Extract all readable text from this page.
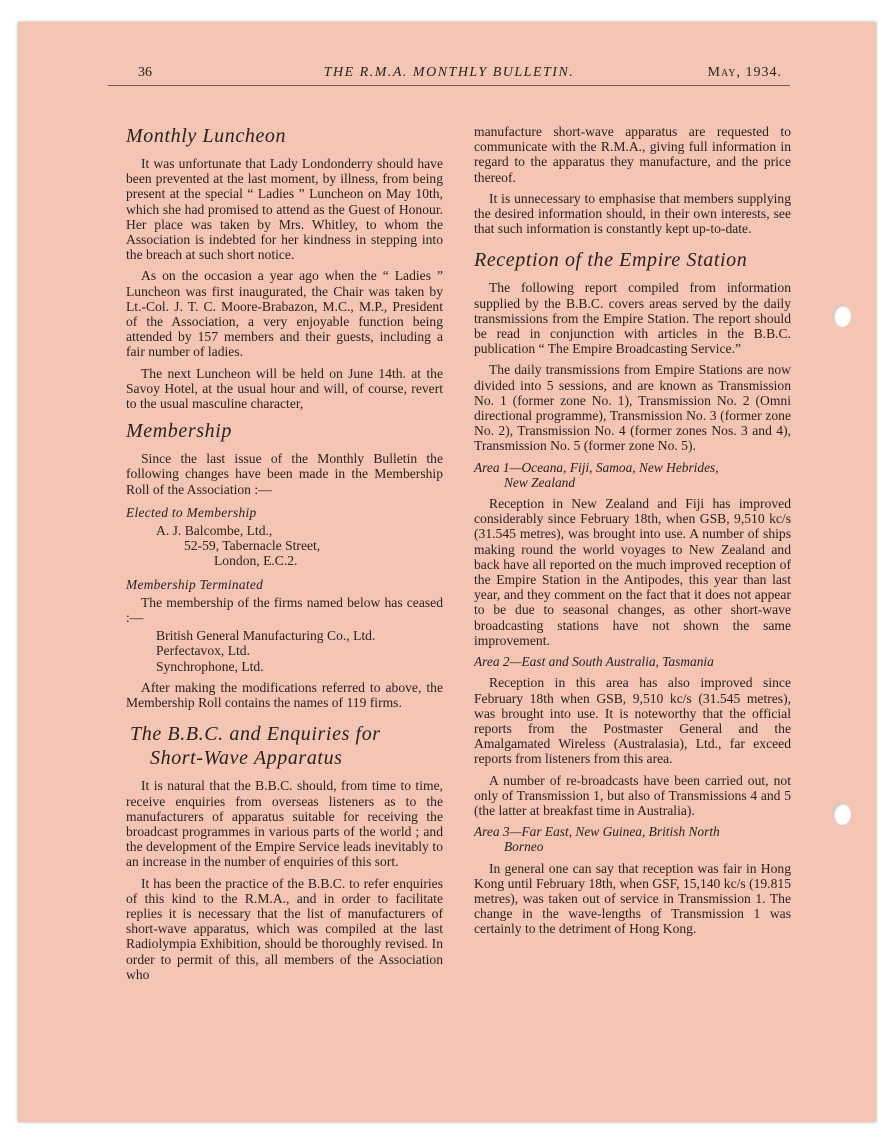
36	THE R.M.A. MONTHLY BULLETIN.	May, 1934.
Monthly Luncheon

It was unfortunate that Lady Londonderry should have been prevented at the last moment, by illness, from being present at the special “ Ladies ” Luncheon on May 10th, which she had promised to attend as the Guest of Honour. Her place was taken by Mrs. Whitley, to whom the Association is indebted for her kindness in stepping into the breach at such short notice.

As on the occasion a year ago when the “ Ladies ” Luncheon was first inaugurated, the Chair was taken by Lt.-Col. J. T. C. Moore-Brabazon, M.C., M.P., President of the Association, a very enjoyable function being attended by 157 members and their guests, including a fair number of ladies.

The next Luncheon will be held on June 14th. at the Savoy Hotel, at the usual hour and will, of course, revert to the usual masculine character,

Membership

Since the last issue of the Monthly Bulletin the following changes have been made in the Membership Roll of the Association :—

Elected to Membership
A. J. Balcombe, Ltd.,
52-59, Tabernacle Street,
London, E.C.2.
Membership Terminated

The membership of the firms named below has ceased :—

British General Manufacturing Co., Ltd.
Perfectavox, Ltd.
Synchrophone, Ltd.

After making the modifications referred to above, the Membership Roll contains the names of 119 firms.

The B.B.C. and Enquiries for
Short-Wave Apparatus

It is natural that the B.B.C. should, from time to time, receive enquiries from overseas listeners as to the manufacturers of apparatus suitable for receiving the broadcast programmes in various parts of the world ; and the development of the Empire Service leads inevitably to an increase in the number of enquiries of this sort.

It has been the practice of the B.B.C. to refer enquiries of this kind to the R.M.A., and in order to facilitate replies it is necessary that the list of manufacturers of short-wave apparatus, which was compiled at the last Radiolympia Exhibition, should be thoroughly revised. In order to permit of this, all members of the Association who

manufacture short-wave apparatus are requested to communicate with the R.M.A., giving full information in regard to the apparatus they manufacture, and the price thereof.

It is unnecessary to emphasise that members supplying the desired information should, in their own interests, see that such information is constantly kept up-to-date.

Reception of the Empire Station

The following report compiled from information supplied by the B.B.C. covers areas served by the daily transmissions from the Empire Station. The report should be read in conjunction with articles in the B.B.C. publication “ The Empire Broadcasting Service.”

The daily transmissions from Empire Stations are now divided into 5 sessions, and are known as Transmission No. 1 (former zone No. 1), Transmission No. 2 (Omni directional programme), Transmission No. 3 (former zone No. 2), Transmission No. 4 (former zones Nos. 3 and 4), Transmission No. 5 (former zone No. 5).

Area 1—Oceana, Fiji, Samoa, New Hebrides,
New Zealand

Reception in New Zealand and Fiji has improved considerably since February 18th, when GSB, 9,510 kc/s (31.545 metres), was brought into use. A number of ships making round the world voyages to New Zealand and back have all reported on the much improved reception of the Empire Station in the Antipodes, this year than last year, and they comment on the fact that it does not appear to be due to seasonal changes, as other short-wave broadcasting stations have not shown the same improvement.

Area 2—East and South Australia, Tasmania

Reception in this area has also improved since February 18th when GSB, 9,510 kc/s (31.545 metres), was brought into use. It is noteworthy that the official reports from the Postmaster General and the Amalgamated Wireless (Australasia), Ltd., far exceed reports from listeners from this area.

A number of re-broadcasts have been carried out, not only of Transmission 1, but also of Transmissions 4 and 5 (the latter at breakfast time in Australia).

Area 3—Far East, New Guinea, British North
Borneo

In general one can say that reception was fair in Hong Kong until February 18th, when GSF, 15,140 kc/s (19.815 metres), was taken out of service in Transmission 1. The change in the wave-lengths of Transmission 1 was certainly to the detriment of Hong Kong.
